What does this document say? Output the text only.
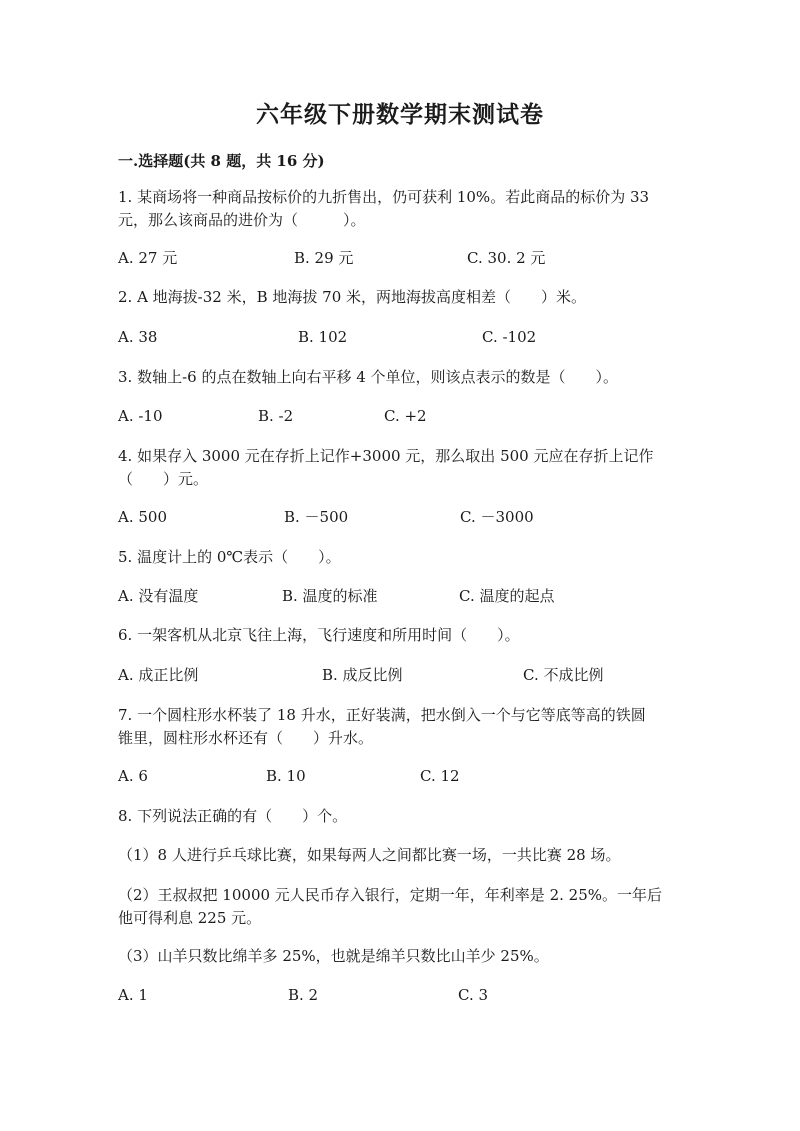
六年级下册数学期末测试卷
一.选择题(共 8 题，共 16 分)
1. 某商场将一种商品按标价的九折售出，仍可获利 10%。若此商品的标价为 33
元，那么该商品的进价为（　　　）。
A. 27 元	B. 29 元	C. 30. 2 元
2. A 地海拔-32 米，B 地海拔 70 米，两地海拔高度相差（　　）米。
A. 38	B. 102	C. -102
3. 数轴上-6 的点在数轴上向右平移 4 个单位，则该点表示的数是（　　）。
A. -10	B. -2	C. +2
4. 如果存入 3000 元在存折上记作+3000 元，那么取出 500 元应在存折上记作
（　　）元。
A. 500	B. －500	C. －3000
5. 温度计上的 0℃表示（　　）。
A. 没有温度	B. 温度的标准	C. 温度的起点
6. 一架客机从北京飞往上海，飞行速度和所用时间（　　）。
A. 成正比例	B. 成反比例	C. 不成比例
7. 一个圆柱形水杯装了 18 升水，正好装满，把水倒入一个与它等底等高的铁圆
锥里，圆柱形水杯还有（　　）升水。
A. 6	B. 10	C. 12
8. 下列说法正确的有（　　）个。
（1）8 人进行乒乓球比赛，如果每两人之间都比赛一场，一共比赛 28 场。
（2）王叔叔把 10000 元人民币存入银行，定期一年，年利率是 2. 25%。一年后
他可得利息 225 元。
（3）山羊只数比绵羊多 25%，也就是绵羊只数比山羊少 25%。
A. 1	B. 2	C. 3
